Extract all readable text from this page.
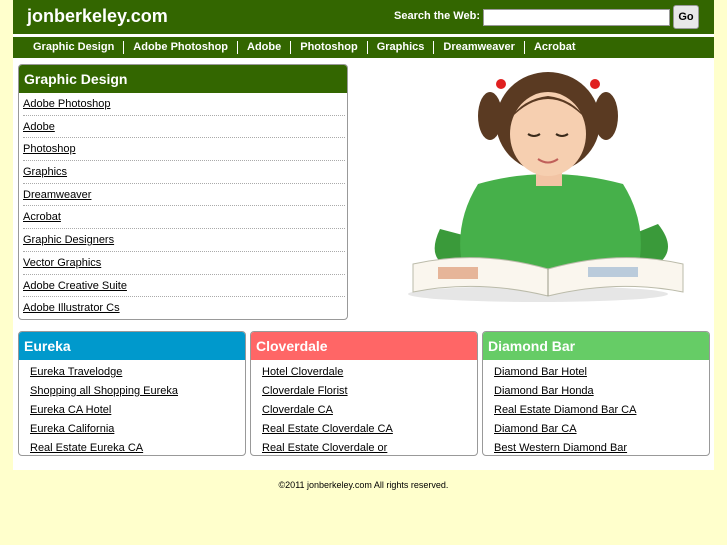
jonberkeley.com	Search the Web:	Go
Graphic Design	Adobe Photoshop	Adobe	Photoshop	Graphics	Dreamweaver	Acrobat
Graphic Design
Adobe Photoshop
Adobe
Photoshop
Graphics
Dreamweaver
Acrobat
Graphic Designers
Vector Graphics
Adobe Creative Suite
Adobe Illustrator Cs
Eureka
Eureka Travelodge
Shopping all Shopping Eureka
Eureka CA Hotel
Eureka California
Real Estate Eureka CA
Cloverdale
Hotel Cloverdale
Cloverdale Florist
Cloverdale CA
Real Estate Cloverdale CA
Real Estate Cloverdale or
Diamond Bar
Diamond Bar Hotel
Diamond Bar Honda
Real Estate Diamond Bar CA
Diamond Bar CA
Best Western Diamond Bar
©2011 jonberkeley.com All rights reserved.
